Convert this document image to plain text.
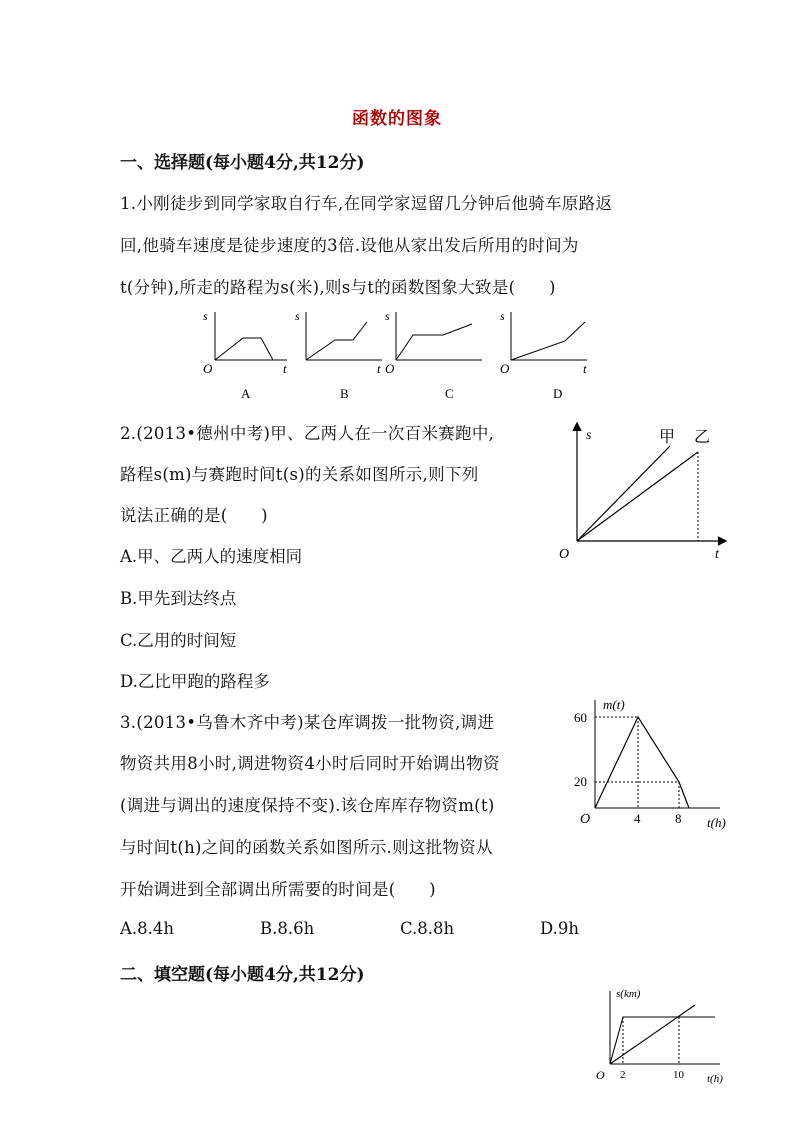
函数的图象
一、选择题(每小题4分,共12分)
1.小刚徒步到同学家取自行车,在同学家逗留几分钟后他骑车原路返
回,他骑车速度是徒步速度的3倍.设他从家出发后所用的时间为
t(分钟),所走的路程为s(米),则s与t的函数图象大致是(　　)
s
O	t
A
s
t
B
s
O
C
s
O	t
D
2.(2013•德州中考)甲、乙两人在一次百米赛跑中,
路程s(m)与赛跑时间t(s)的关系如图所示,则下列
说法正确的是(　　)
A.甲、乙两人的速度相同
B.甲先到达终点
C.乙用的时间短
D.乙比甲跑的路程多
s
O	t
甲 乙
3.(2013•乌鲁木齐中考)某仓库调拨一批物资,调进
物资共用8小时,调进物资4小时后同时开始调出物资
(调进与调出的速度保持不变).该仓库库存物资m(t)
与时间t(h)之间的函数关系如图所示.则这批物资从
开始调进到全部调出所需要的时间是(　　)
A.8.4h	B.8.6h	C.8.8h	D.9h
m(t)
60
20
O	4	8 t(h)
二、填空题(每小题4分,共12分)
s(km)
O 2	10 t(h)
